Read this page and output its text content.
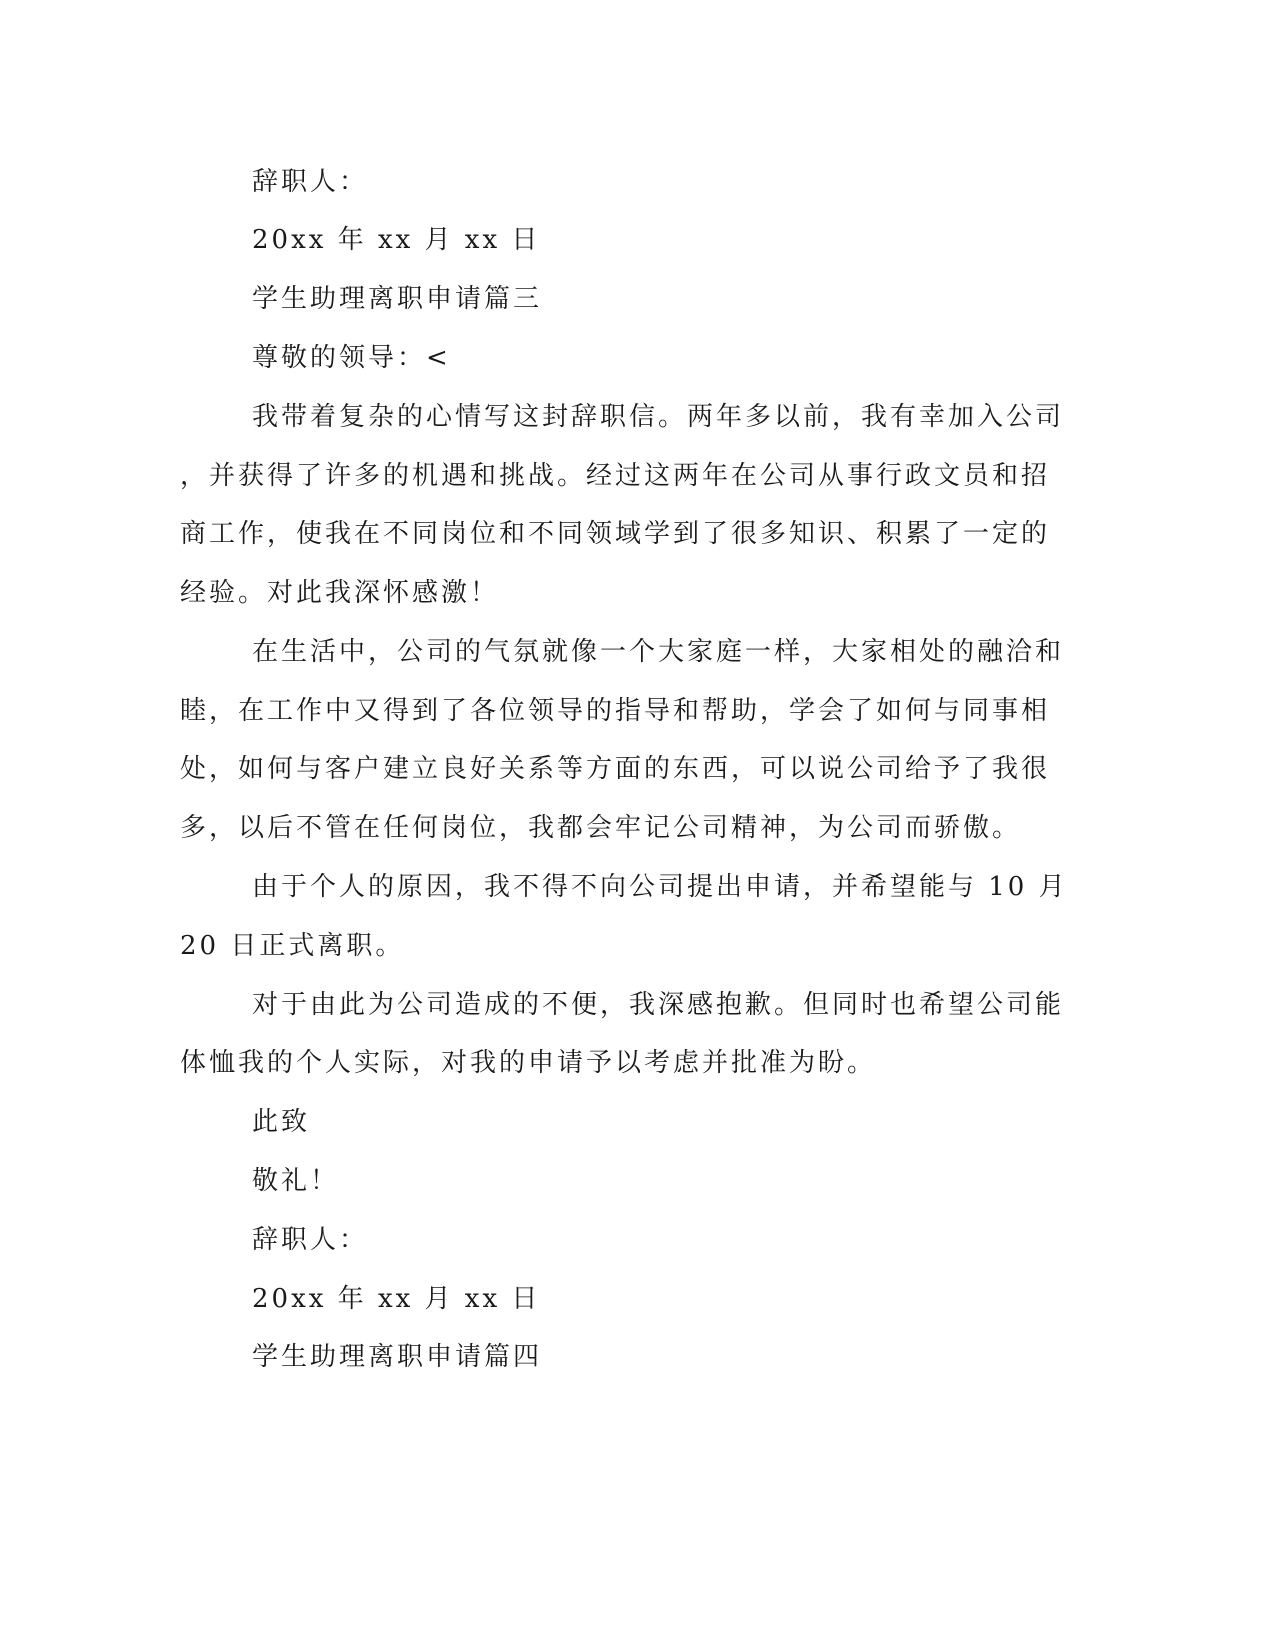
辞职人：
20xx 年 xx 月 xx 日
学生助理离职申请篇三
尊敬的领导：<
我带着复杂的心情写这封辞职信。两年多以前，我有幸加入公司
，并获得了许多的机遇和挑战。经过这两年在公司从事行政文员和招
商工作，使我在不同岗位和不同领域学到了很多知识、积累了一定的
经验。对此我深怀感激！
在生活中，公司的气氛就像一个大家庭一样，大家相处的融洽和
睦，在工作中又得到了各位领导的指导和帮助，学会了如何与同事相
处，如何与客户建立良好关系等方面的东西，可以说公司给予了我很
多，以后不管在任何岗位，我都会牢记公司精神，为公司而骄傲。
由于个人的原因，我不得不向公司提出申请，并希望能与 10 月
20 日正式离职。
对于由此为公司造成的不便，我深感抱歉。但同时也希望公司能
体恤我的个人实际，对我的申请予以考虑并批准为盼。
此致
敬礼！
辞职人：
20xx 年 xx 月 xx 日
学生助理离职申请篇四
